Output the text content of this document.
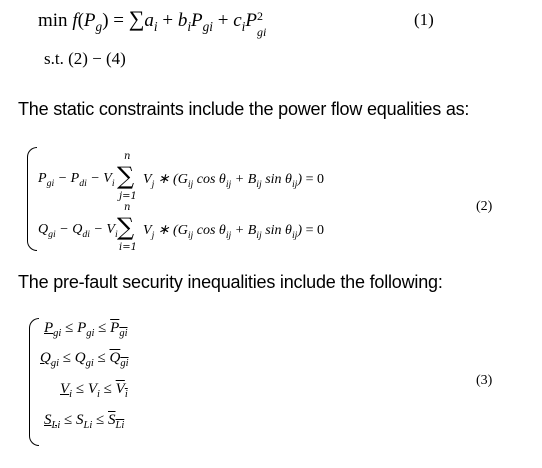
$\min f(P_g) = \sum a_i + b_iP_{gi} + c_iP$ 2
gi
(1)
s.t. (2) − (4)
The static constraints include the power flow equalities as:
$P_{gi} - P_{di} - V_i$
n
∑
j=1
$V_j$ ∗ ($G_{ij}$ $\cos \theta_{ij} + B_{ij}$ $\sin \theta_{ij}) = 0$
$Q_{gi} - Q_{di} - V_i$
n
∑
i=1
$V_j$ ∗ ($G_{ij}$ $\cos \theta_{ij} + B_{ij}$ $\sin \theta_{ij}) = 0$
(2)
The pre-fault security inequalities include the following:
$P_{gi} \le P_{gi} \le P_{gi}$
$Q_{gi} \le Q_{gi} \le Q_{gi}$
$V_i \le V_i \le V_i$
$S_{Li} \le S_{Li} \le S_{Li}$
(3)
